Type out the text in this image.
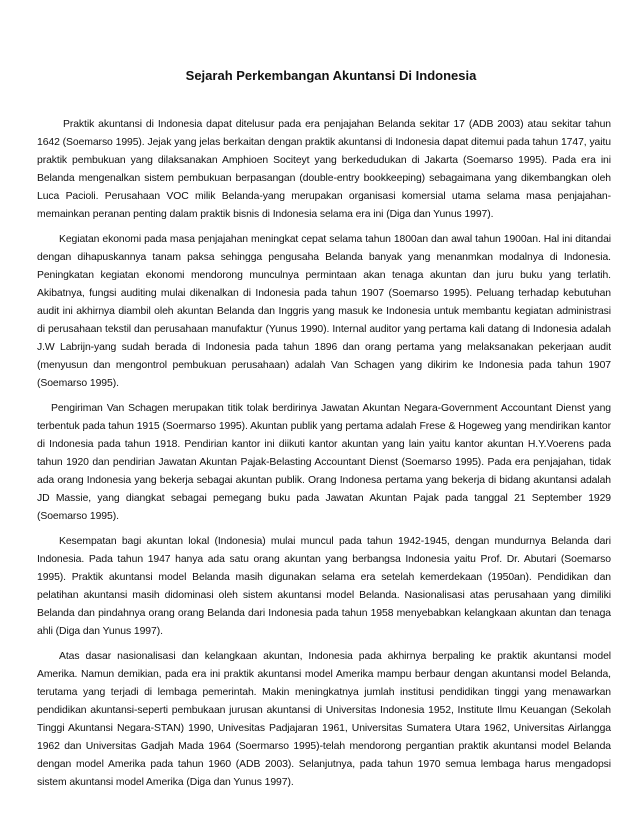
Sejarah Perkembangan Akuntansi Di Indonesia

Praktik akuntansi di Indonesia dapat ditelusur pada era penjajahan Belanda sekitar 17 (ADB 2003) atau sekitar tahun 1642 (Soemarso 1995). Jejak yang jelas berkaitan dengan praktik akuntansi di Indonesia dapat ditemui pada tahun 1747, yaitu praktik pembukuan yang dilaksanakan Amphioen Sociteyt yang berkedudukan di Jakarta (Soemarso 1995). Pada era ini Belanda mengenalkan sistem pembukuan berpasangan (double-entry bookkeeping) sebagaimana yang dikembangkan oleh Luca Pacioli. Perusahaan VOC milik Belanda-yang merupakan organisasi komersial utama selama masa penjajahan-memainkan peranan penting dalam praktik bisnis di Indonesia selama era ini (Diga dan Yunus 1997).

Kegiatan ekonomi pada masa penjajahan meningkat cepat selama tahun 1800an dan awal tahun 1900an. Hal ini ditandai dengan dihapuskannya tanam paksa sehingga pengusaha Belanda banyak yang menanmkan modalnya di Indonesia. Peningkatan kegiatan ekonomi mendorong munculnya permintaan akan tenaga akuntan dan juru buku yang terlatih. Akibatnya, fungsi auditing mulai dikenalkan di Indonesia pada tahun 1907 (Soemarso 1995). Peluang terhadap kebutuhan audit ini akhirnya diambil oleh akuntan Belanda dan Inggris yang masuk ke Indonesia untuk membantu kegiatan administrasi di perusahaan tekstil dan perusahaan manufaktur (Yunus 1990). Internal auditor yang pertama kali datang di Indonesia adalah J.W Labrijn-yang sudah berada di Indonesia pada tahun 1896 dan orang pertama yang melaksanakan pekerjaan audit (menyusun dan mengontrol pembukuan perusahaan) adalah Van Schagen yang dikirim ke Indonesia pada tahun 1907 (Soemarso 1995).

Pengiriman Van Schagen merupakan titik tolak berdirinya Jawatan Akuntan Negara-Government Accountant Dienst yang terbentuk pada tahun 1915 (Soermarso 1995). Akuntan publik yang pertama adalah Frese & Hogeweg yang mendirikan kantor di Indonesia pada tahun 1918. Pendirian kantor ini diikuti kantor akuntan yang lain yaitu kantor akuntan H.Y.Voerens pada tahun 1920 dan pendirian Jawatan Akuntan Pajak-Belasting Accountant Dienst (Soemarso 1995). Pada era penjajahan, tidak ada orang Indonesia yang bekerja sebagai akuntan publik. Orang Indonesa pertama yang bekerja di bidang akuntansi adalah JD Massie, yang diangkat sebagai pemegang buku pada Jawatan Akuntan Pajak pada tanggal 21 September 1929 (Soemarso 1995).

Kesempatan bagi akuntan lokal (Indonesia) mulai muncul pada tahun 1942-1945, dengan mundurnya Belanda dari Indonesia. Pada tahun 1947 hanya ada satu orang akuntan yang berbangsa Indonesia yaitu Prof. Dr. Abutari (Soemarso 1995). Praktik akuntansi model Belanda masih digunakan selama era setelah kemerdekaan (1950an). Pendidikan dan pelatihan akuntansi masih didominasi oleh sistem akuntansi model Belanda. Nasionalisasi atas perusahaan yang dimiliki Belanda dan pindahnya orang orang Belanda dari Indonesia pada tahun 1958 menyebabkan kelangkaan akuntan dan tenaga ahli (Diga dan Yunus 1997).

Atas dasar nasionalisasi dan kelangkaan akuntan, Indonesia pada akhirnya berpaling ke praktik akuntansi model Amerika. Namun demikian, pada era ini praktik akuntansi model Amerika mampu berbaur dengan akuntansi model Belanda, terutama yang terjadi di lembaga pemerintah. Makin meningkatnya jumlah institusi pendidikan tinggi yang menawarkan pendidikan akuntansi-seperti pembukaan jurusan akuntansi di Universitas Indonesia 1952, Institute Ilmu Keuangan (Sekolah Tinggi Akuntansi Negara-STAN) 1990, Univesitas Padjajaran 1961, Universitas Sumatera Utara 1962, Universitas Airlangga 1962 dan Universitas Gadjah Mada 1964 (Soermarso 1995)-telah mendorong pergantian praktik akuntansi model Belanda dengan model Amerika pada tahun 1960 (ADB 2003). Selanjutnya, pada tahun 1970 semua lembaga harus mengadopsi sistem akuntansi model Amerika (Diga dan Yunus 1997).
